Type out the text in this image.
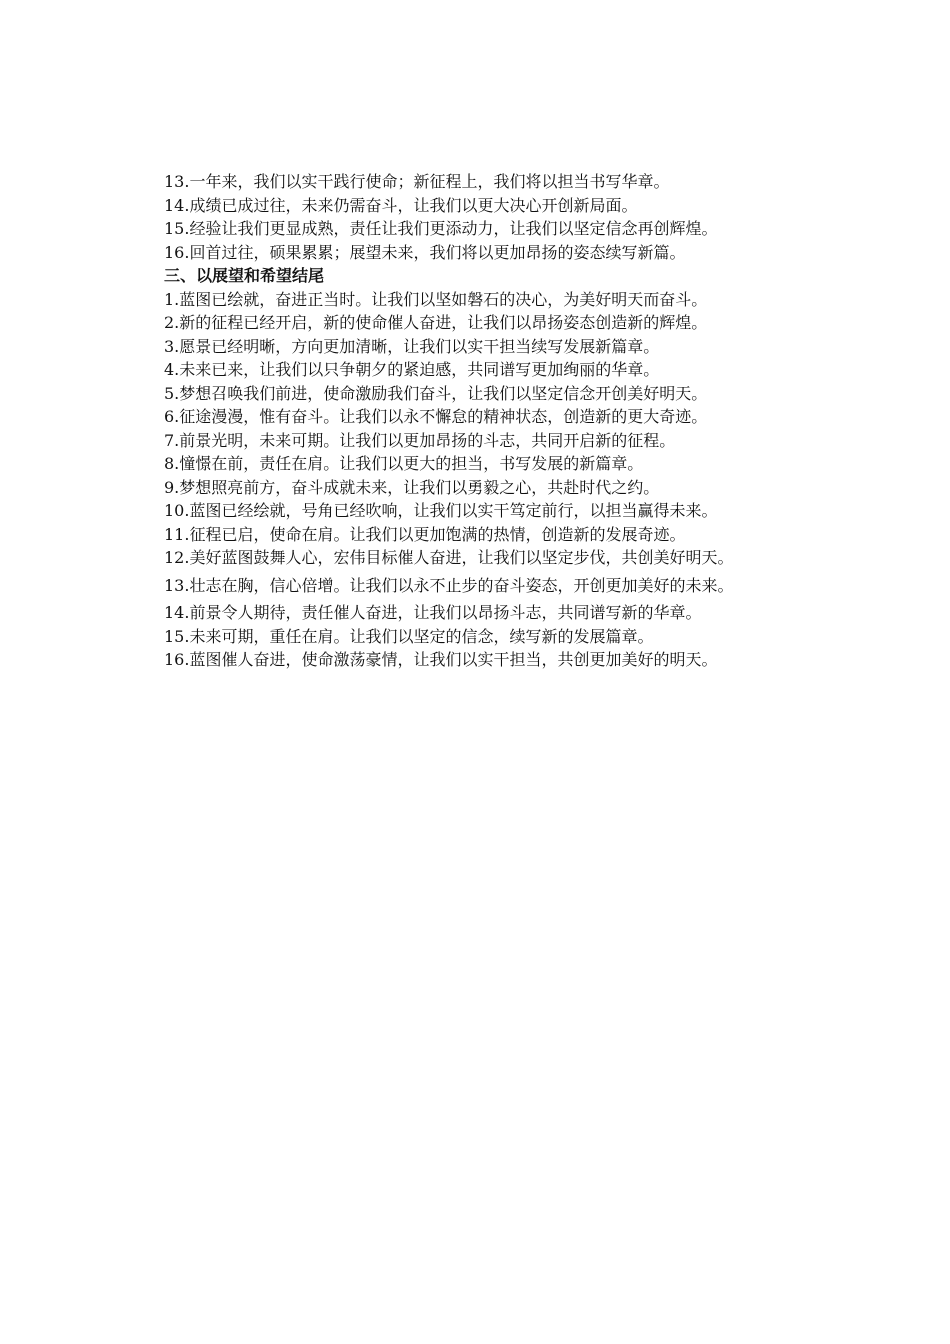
13.一年来，我们以实干践行使命；新征程上，我们将以担当书写华章。
14.成绩已成过往，未来仍需奋斗，让我们以更大决心开创新局面。
15.经验让我们更显成熟，责任让我们更添动力，让我们以坚定信念再创辉煌。
16.回首过往，硕果累累；展望未来，我们将以更加昂扬的姿态续写新篇。
三、以展望和希望结尾
1.蓝图已绘就，奋进正当时。让我们以坚如磐石的决心，为美好明天而奋斗。
2.新的征程已经开启，新的使命催人奋进，让我们以昂扬姿态创造新的辉煌。
3.愿景已经明晰，方向更加清晰，让我们以实干担当续写发展新篇章。
4.未来已来，让我们以只争朝夕的紧迫感，共同谱写更加绚丽的华章。
5.梦想召唤我们前进，使命激励我们奋斗，让我们以坚定信念开创美好明天。
6.征途漫漫，惟有奋斗。让我们以永不懈怠的精神状态，创造新的更大奇迹。
7.前景光明，未来可期。让我们以更加昂扬的斗志，共同开启新的征程。
8.憧憬在前，责任在肩。让我们以更大的担当，书写发展的新篇章。
9.梦想照亮前方，奋斗成就未来，让我们以勇毅之心，共赴时代之约。
10.蓝图已经绘就，号角已经吹响，让我们以实干笃定前行，以担当赢得未来。
11.征程已启，使命在肩。让我们以更加饱满的热情，创造新的发展奇迹。
12.美好蓝图鼓舞人心，宏伟目标催人奋进，让我们以坚定步伐，共创美好明天。
13.壮志在胸，信心倍增。让我们以永不止步的奋斗姿态，开创更加美好的未来。
14.前景令人期待，责任催人奋进，让我们以昂扬斗志，共同谱写新的华章。
15.未来可期，重任在肩。让我们以坚定的信念，续写新的发展篇章。
16.蓝图催人奋进，使命激荡豪情，让我们以实干担当，共创更加美好的明天。
